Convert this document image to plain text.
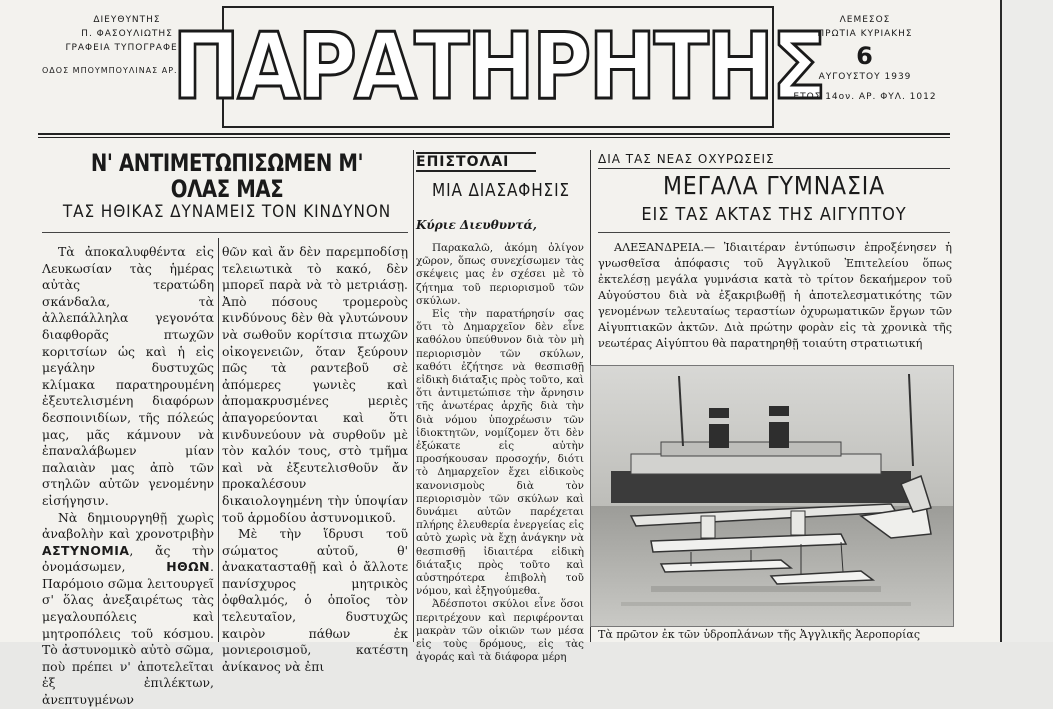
ΔΙΕΥΘΥΝΤΗΣ
Π. ΦΑΣΟΥΛΙΩΤΗΣ
ΓΡΑΦΕΙΑ ΤΥΠΟΓΡΑΦΕΙΑ
ΟΔΟΣ ΜΠΟΥΜΠΟΥΛΙΝΑΣ ΑΡ. 11
ΠΑΡΑΤΗΡΗΤΗΣ	ΛΕΜΕΣΟΣ
ΠΡΩΤΙΑ ΚΥΡΙΑΚΗΣ
6
ΑΥΓΟΥΣΤΟΥ 1939
ΕΤΟΣ 14ον. ΑΡ. ΦΥΛ. 1012
Ν' ΑΝΤΙΜΕΤΩΠΙΣΩΜΕΝ Μ' ΟΛΑΣ ΜΑΣ
ΤΑΣ ΗΘΙΚΑΣ ΔΥΝΑΜΕΙΣ ΤΟΝ ΚΙΝΔΥΝΟΝ

Τὰ ἀποκαλυφθέντα εἰς Λευκωσίαν τὰς ἡμέρας αὐτὰς τερατώδη σκάνδαλα, τὰ ἀλλεπάλληλα γεγονότα διαφθορᾶς πτωχῶν κοριτσίων ὡς καὶ ἡ εἰς μεγάλην δυστυχῶς κλίμακα παρατηρουμένη ἐξευτελισμένη διαφόρων δεσποινιδίων, τῆς πόλεώς μας, μᾶς κάμνουν νὰ ἐπαναλάβωμεν μίαν παλαιὰν μας ἀπὸ τῶν στηλῶν αὐτῶν γενομένην εἰσήγησιν.

Νὰ δημιουργηθῇ χωρὶς ἀναβολὴν καὶ χρονοτριβὴν ΑΣΤΥΝΟΜΙΑ, ἄς τὴν ὀνομάσωμεν,	ΗΘΩΝ. Παρόμοιο σῶμα λειτουργεῖ σ' ὅλας ἀνεξαιρέτως τὰς μεγαλουπόλεις καὶ μητροπόλεις τοῦ κόσμου. Τὸ ἀστυνομικὸ αὐτὸ σῶμα, ποὺ πρέπει ν' ἀποτελεῖται ἐξ ἐπιλέκτων, ἀνεπτυγμένων

θῶν καὶ ἄν δὲν παρεμποδίσῃ τελειωτικὰ τὸ κακό, δὲν μπορεῖ παρὰ νὰ τὸ μετριάσῃ. Ἀπὸ πόσους τρομεροὺς κινδύνους δὲν θὰ γλυτώνουν νὰ σωθοῦν κορίτσια πτωχῶν οἰκογενειῶν, ὅταν ξεύρουν πῶς τὰ ραντεβοῦ σὲ ἀπόμερες γωνιὲς καὶ ἀπομακρυσμένες μεριὲς ἀπαγορεύονται καὶ ὅτι κινδυνεύουν νὰ συρθοῦν μὲ τὸν καλόν τους, στὸ τμῆμα καὶ νὰ ἐξευτελισθοῦν ἄν προκαλέσουν δικαιολογημένη τὴν ὑποψίαν τοῦ ἁρμοδίου ἀστυνομικοῦ.

Μὲ τὴν ἵδρυσι τοῦ σώματος αὐτοῦ, θ' ἀνακατασταθῇ καὶ ὁ ἄλλοτε πανίσχυρος μητρικὸς ὀφθαλμός, ὁ ὁποῖος τὸν τελευταῖον, δυστυχῶς καιρὸν πάθων ἐκ μονιεροισμοῦ, κατέστη ἀνίκανος νὰ ἐπι

ΕΠΙΣΤΟΛΑΙ
ΜΙΑ ΔΙΑΣΑΦΗΣΙΣ
Κύριε Διευθυντά,

Παρακαλῶ, ἀκόμη ὀλίγον χῶρον, ὅπως συνεχίσωμεν τὰς σκέψεις μας ἐν σχέσει μὲ τὸ ζήτημα τοῦ περιορισμοῦ τῶν σκύλων.

Εἰς τὴν παρατήρησίν σας ὅτι τὸ Δημαρχεῖον δὲν εἶνε καθόλου ὑπεύθυνον διὰ τὸν μὴ περιορισμὸν τῶν σκύλων, καθότι ἐζήτησε νὰ θεσπισθῇ εἰδικὴ διάταξις πρὸς τοῦτο, καὶ ὅτι ἀντιμετώπισε τὴν ἄρνησιν τῆς ἀνωτέρας ἀρχῆς διὰ τὴν διὰ νόμου ὑποχρέωσιν τῶν ἰδιοκτητῶν, νομίζομεν ὅτι δὲν ἐξώκατε εἰς αὐτὴν προσήκουσαν προσοχήν, διότι τὸ Δημαρχεῖον ἔχει εἰδικοὺς κανονισμοὺς διὰ τὸν περιορισμὸν τῶν σκύλων καὶ δυνάμει αὐτῶν παρέχεται πλήρης ἐλευθερία ἐνεργείας εἰς αὐτὸ χωρὶς νὰ ἔχῃ ἀνάγκην νὰ θεσπισθῇ ἰδιαιτέρα εἰδικὴ διάταξις πρὸς τοῦτο καὶ αὐστηρότερα ἐπιβολὴ τοῦ νόμου, καὶ ἐξηγούμεθα.

Ἀδέσποτοι σκύλοι εἶνε ὅσοι περιτρέχουν καὶ περιφέρονται μακρὰν τῶν οἰκιῶν των μέσα εἰς τοὺς δρόμους, εἰς τὰς ἀγοράς καὶ τὰ διάφορα μέρη

ΔΙΑ ΤΑΣ ΝΕΑΣ ΟΧΥΡΩΣΕΙΣ
ΜΕΓΑΛΑ ΓΥΜΝΑΣΙΑ
ΕΙΣ ΤΑΣ ΑΚΤΑΣ ΤΗΣ ΑΙΓΥΠΤΟΥ

ΑΛΕΞΑΝΔΡΕΙΑ.— Ἰδιαιτέραν ἐντύπωσιν ἐπροξένησεν ἡ γνωσθεῖσα ἀπόφασις τοῦ Ἀγγλικοῦ Ἐπιτελείου ὅπως ἐκτελέσῃ μεγάλα γυμνάσια κατὰ τὸ τρίτον δεκαήμερον τοῦ Αὐγούστου διὰ νὰ ἐξακριβωθῇ ἡ ἀποτελεσματικότης τῶν γενομένων τελευταίως τεραστίων ὀχυρωματικῶν ἔργων τῶν Αἰγυπτιακῶν ἀκτῶν. Διὰ πρώτην φορὰν εἰς τὰ χρονικὰ τῆς νεωτέρας Αἰγύπτου θὰ παρατηρηθῇ τοιαύτη στρατιωτική

Τὰ πρῶτον ἐκ τῶν ὑδροπλάνων τῆς Ἀγγλικῆς Ἀεροπορίας
